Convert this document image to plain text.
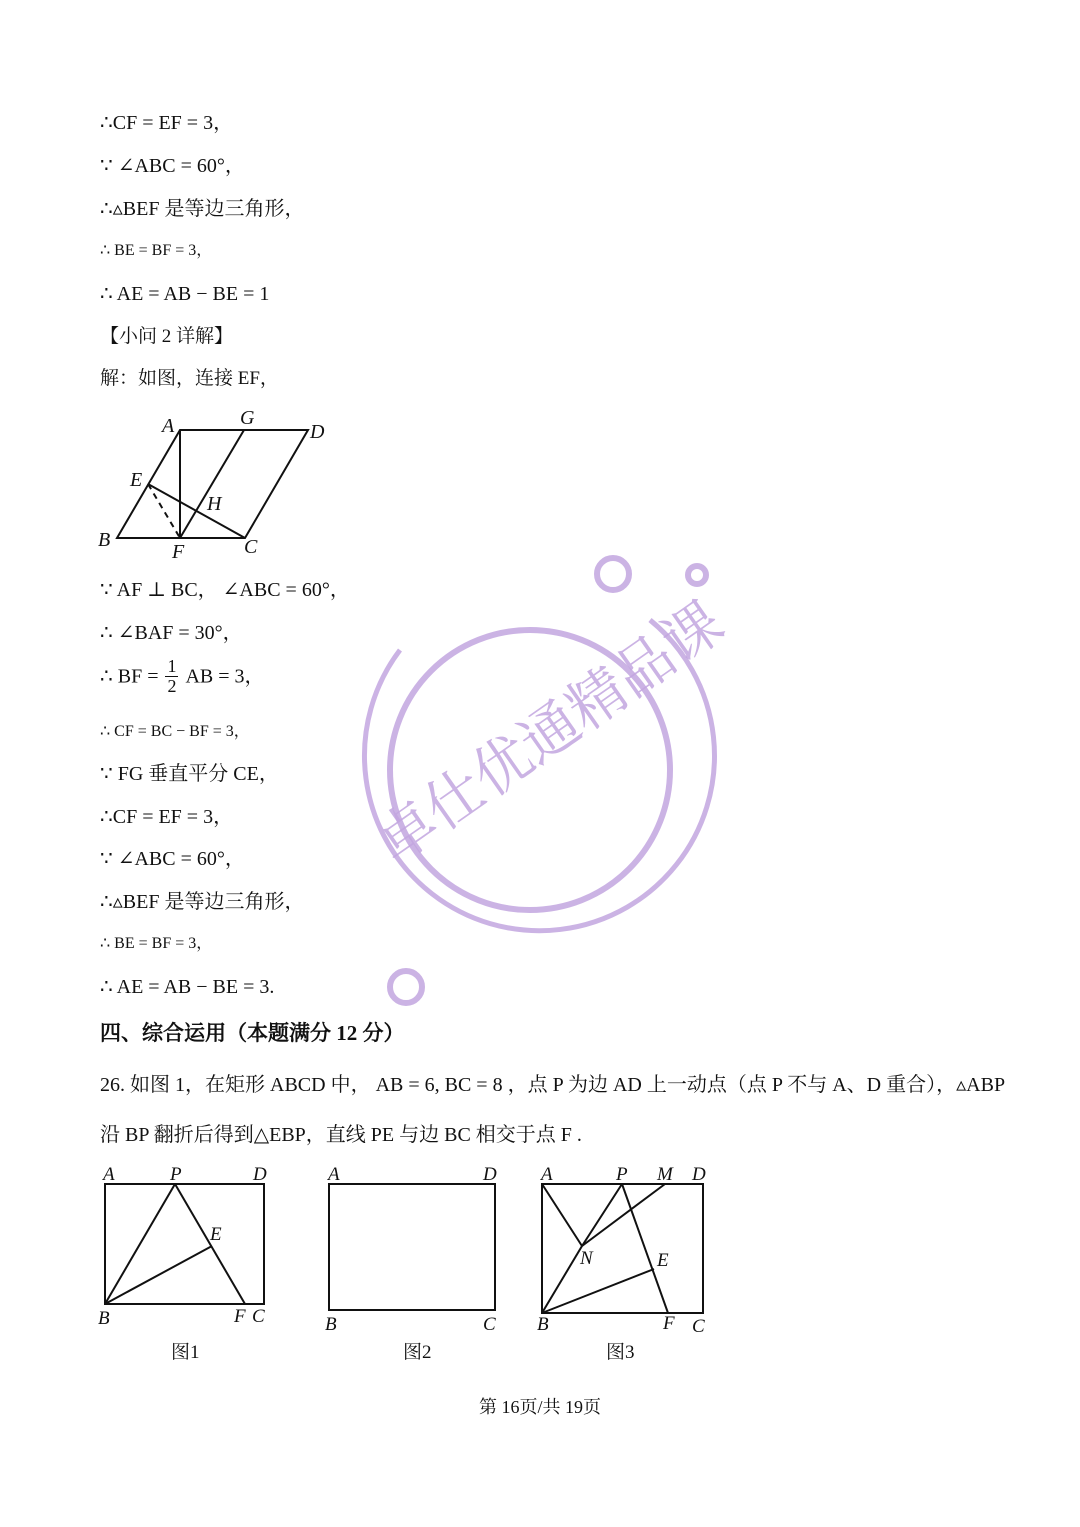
卓仕优通精品课
∴CF = EF = 3，
∵ ∠ABC = 60°，
∴▵BEF 是等边三角形，
∴ BE = BF = 3，
∴ AE = AB − BE = 1
【小问 2 详解】
解：如图，连接 EF，
A	G
D
E
H
B
F	C
∵ AF ⊥ BC， ∠ABC = 60°，
∴ ∠BAF = 30°，
∴ BF = $\frac{1}{2}$ AB = 3，
∴ CF = BC − BF = 3，
∵ FG 垂直平分 CE，
∴CF = EF = 3，
∵ ∠ABC = 60°，
∴▵BEF 是等边三角形，
∴ BE = BF = 3，
∴ AE = AB − BE = 3.
四、综合运用（本题满分 12 分）
26. 如图 1，在矩形 ABCD 中， AB = 6, BC = 8 ，点 P 为边 AD 上一动点（点 P 不与 A、D 重合），▵ABP
沿 BP 翻折后得到△EBP，直线 PE 与边 BC 相交于点 F .
A	P	D
E
B	F C
图1
A	D
B	C
图2
A	P M D
N	E
B	F C
图3
第 16页/共 19页
